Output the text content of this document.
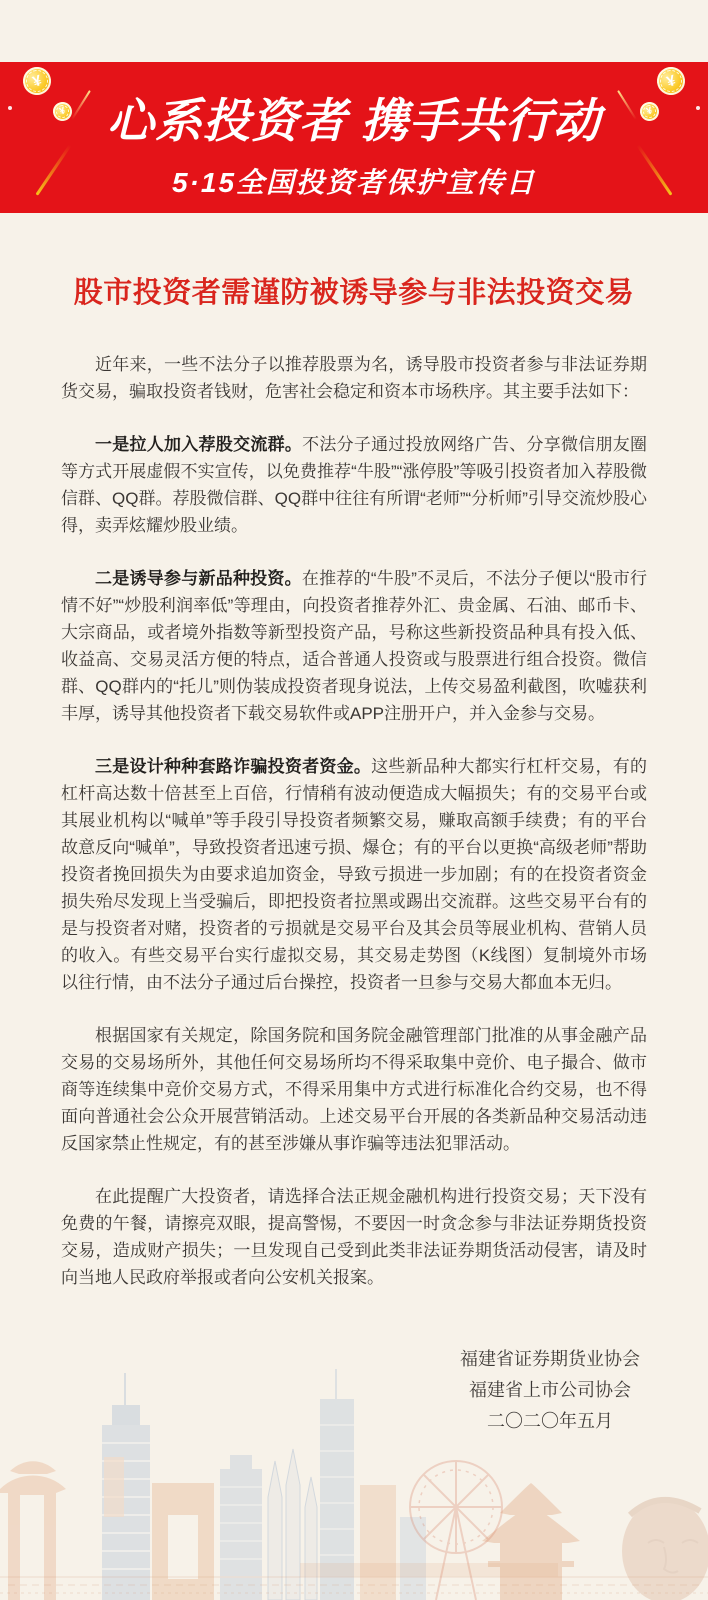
¥
¥
¥
¥
心系投资者 携手共行动
5·15全国投资者保护宣传日
股市投资者需谨防被诱导参与非法投资交易

近年来，一些不法分子以推荐股票为名，诱导股市投资者参与非法证券期货交易，骗取投资者钱财，危害社会稳定和资本市场秩序。其主要手法如下：

一是拉人加入荐股交流群。不法分子通过投放网络广告、分享微信朋友圈等方式开展虚假不实宣传，以免费推荐“牛股”“涨停股”等吸引投资者加入荐股微信群、QQ群。荐股微信群、QQ群中往往有所谓“老师”“分析师”引导交流炒股心得，卖弄炫耀炒股业绩。

二是诱导参与新品种投资。在推荐的“牛股”不灵后，不法分子便以“股市行情不好”“炒股利润率低”等理由，向投资者推荐外汇、贵金属、石油、邮币卡、大宗商品，或者境外指数等新型投资产品，号称这些新投资品种具有投入低、收益高、交易灵活方便的特点，适合普通人投资或与股票进行组合投资。微信群、QQ群内的“托儿”则伪装成投资者现身说法，上传交易盈利截图，吹嘘获利丰厚，诱导其他投资者下载交易软件或APP注册开户，并入金参与交易。

三是设计种种套路诈骗投资者资金。这些新品种大都实行杠杆交易，有的杠杆高达数十倍甚至上百倍，行情稍有波动便造成大幅损失；有的交易平台或其展业机构以“喊单”等手段引导投资者频繁交易，赚取高额手续费；有的平台故意反向“喊单”，导致投资者迅速亏损、爆仓；有的平台以更换“高级老师”帮助投资者挽回损失为由要求追加资金，导致亏损进一步加剧；有的在投资者资金损失殆尽发现上当受骗后，即把投资者拉黑或踢出交流群。这些交易平台有的是与投资者对赌，投资者的亏损就是交易平台及其会员等展业机构、营销人员的收入。有些交易平台实行虚拟交易，其交易走势图（K线图）复制境外市场以往行情，由不法分子通过后台操控，投资者一旦参与交易大都血本无归。

根据国家有关规定，除国务院和国务院金融管理部门批准的从事金融产品交易的交易场所外，其他任何交易场所均不得采取集中竞价、电子撮合、做市商等连续集中竞价交易方式，不得采用集中方式进行标准化合约交易，也不得面向普通社会公众开展营销活动。上述交易平台开展的各类新品种交易活动违反国家禁止性规定，有的甚至涉嫌从事诈骗等违法犯罪活动。

在此提醒广大投资者，请选择合法正规金融机构进行投资交易；天下没有免费的午餐，请擦亮双眼，提高警惕，不要因一时贪念参与非法证券期货投资交易，造成财产损失；一旦发现自己受到此类非法证券期货活动侵害，请及时向当地人民政府举报或者向公安机关报案。

福建省证券期货业协会
福建省上市公司协会
二〇二〇年五月
